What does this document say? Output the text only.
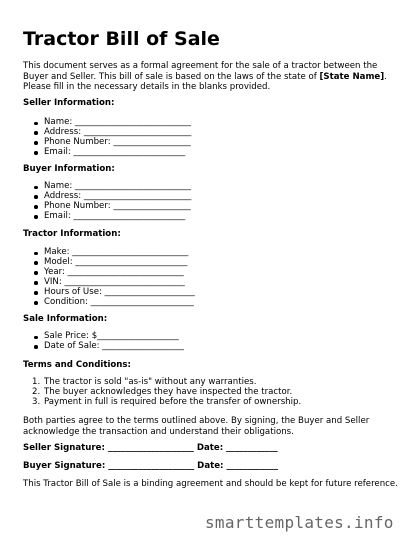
Tractor Bill of Sale

This document serves as a formal agreement for the sale of a tractor between the Buyer and Seller. This bill of sale is based on the laws of the state of [State Name]. Please fill in the necessary details in the blanks provided.

Seller Information:
Name: ___________________________
Address: _________________________
Phone Number: __________________
Email: __________________________
Buyer Information:
Name: ___________________________
Address: _________________________
Phone Number: __________________
Email: __________________________
Tractor Information:
Make: ___________________________
Model: __________________________
Year: ___________________________
VIN: ____________________________
Hours of Use: _____________________
Condition: ________________________
Sale Information:
Sale Price: $___________________
Date of Sale: ___________________
Terms and Conditions:
1. The tractor is sold "as-is" without any warranties.
2. The buyer acknowledges they have inspected the tractor.
3. Payment in full is required before the transfer of ownership.

Both parties agree to the terms outlined above. By signing, the Buyer and Seller acknowledge the transaction and understand their obligations.

Seller Signature: ____________________ Date: ____________
Buyer Signature: ____________________ Date: ____________

This Tractor Bill of Sale is a binding agreement and should be kept for future reference.

smarttemplates.info
